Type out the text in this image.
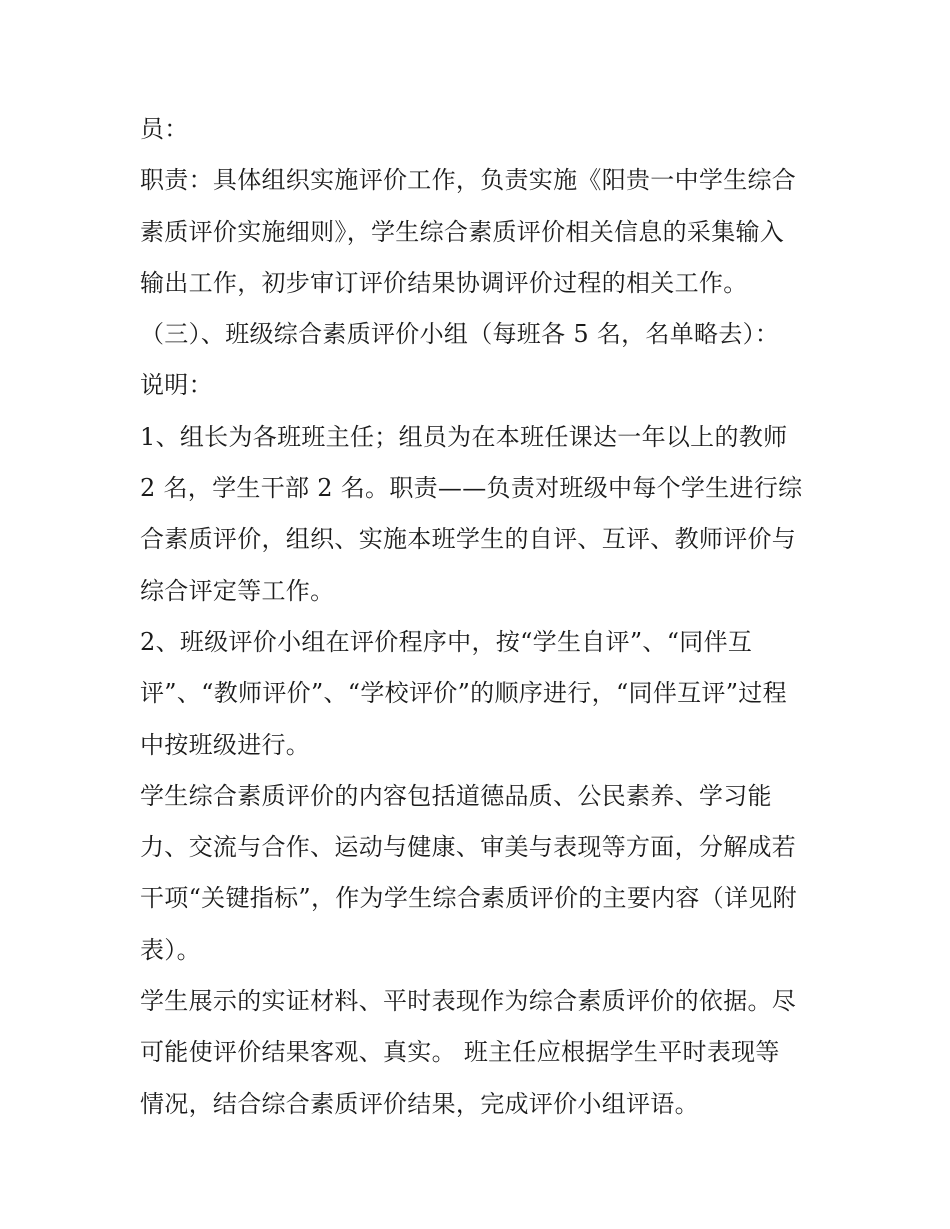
员：
职责：具体组织实施评价工作，负责实施《阳贵一中学生综合
素质评价实施细则》，学生综合素质评价相关信息的采集输入
输出工作，初步审订评价结果协调评价过程的相关工作。
（三）、班级综合素质评价小组（每班各 5 名，名单略去）：
说明：
1、组长为各班班主任；组员为在本班任课达一年以上的教师
2 名，学生干部 2 名。职责——负责对班级中每个学生进行综
合素质评价，组织、实施本班学生的自评、互评、教师评价与
综合评定等工作。
2、班级评价小组在评价程序中，按“学生自评”、“同伴互
评”、“教师评价”、“学校评价”的顺序进行，“同伴互评”过程
中按班级进行。
学生综合素质评价的内容包括道德品质、公民素养、学习能
力、交流与合作、运动与健康、审美与表现等方面，分解成若
干项“关键指标”，作为学生综合素质评价的主要内容（详见附
表）。
学生展示的实证材料、平时表现作为综合素质评价的依据。尽
可能使评价结果客观、真实。 班主任应根据学生平时表现等
情况，结合综合素质评价结果，完成评价小组评语。
